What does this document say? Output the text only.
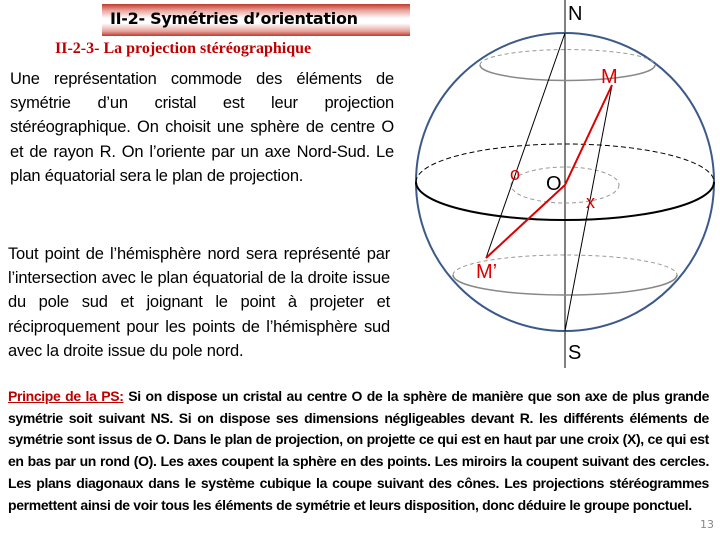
II-2- Symétries d’orientation
II-2-3- La projection stéréographique
Une représentation commode des éléments de symétrie d’un cristal est leur projection stéréographique. On choisit une sphère de centre O et de rayon R. On l’oriente par un axe Nord-Sud. Le plan équatorial sera le plan de projection.
Tout point de l’hémisphère nord sera représenté par l’intersection avec le plan équatorial de la droite issue du pole sud et joignant le point à projeter et réciproquement pour les points de l’hémisphère sud avec la droite issue du pole nord.
Principe de la PS: Si on dispose un cristal au centre O de la sphère de manière que son axe de plus grande symétrie soit suivant NS. Si on dispose ses dimensions négligeables devant R. les différents éléments de symétrie sont issus de O. Dans le plan de projection, on projette ce qui est en haut par une croix (X), ce qui est en bas par un rond (O). Les axes coupent la sphère en des points. Les miroirs la coupent suivant des cercles. Les plans diagonaux dans le système cubique la coupe suivant des cônes. Les projections stéréogrammes permettent ainsi de voir tous les éléments de symétrie et leurs disposition, donc déduire le groupe ponctuel.
N
S
M
M’
O
o
x
13
